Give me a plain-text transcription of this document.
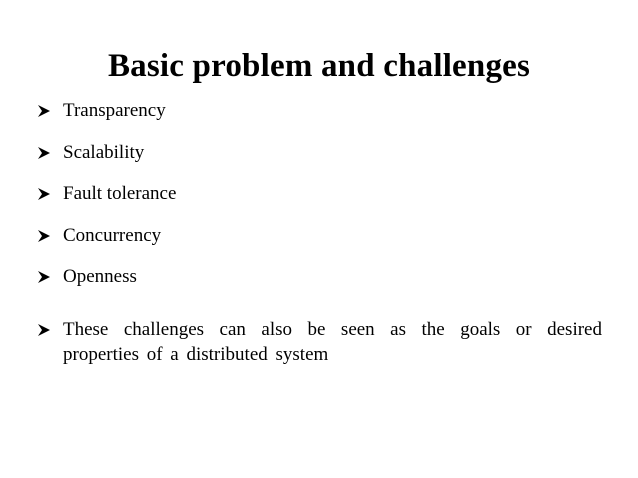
Basic problem and challenges
Transparency
Scalability
Fault tolerance
Concurrency
Openness
These challenges can also be seen as the goals or desired properties of a distributed system
